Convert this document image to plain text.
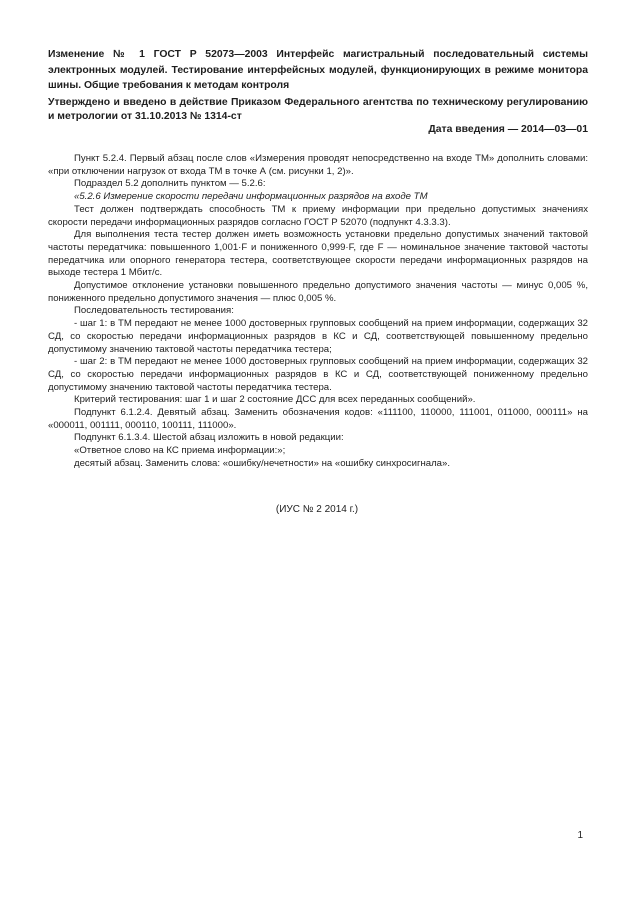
Изменение № 1 ГОСТ Р 52073—2003 Интерфейс магистральный последовательный системы электронных модулей. Тестирование интерфейсных модулей, функционирующих в режиме монитора шины. Общие требования к методам контроля
Утверждено и введено в действие Приказом Федерального агентства по техническому регулированию и метрологии от 31.10.2013 № 1314-ст
Дата введения — 2014—03—01

Пункт 5.2.4. Первый абзац после слов «Измерения проводят непосредственно на входе ТМ» дополнить словами: «при отключении нагрузок от входа ТМ в точке А (см. рисунки 1, 2)».

Подраздел 5.2 дополнить пунктом — 5.2.6:

«5.2.6 Измерение скорости передачи информационных разрядов на входе ТМ

Тест должен подтверждать способность ТМ к приему информации при предельно допустимых значениях скорости передачи информационных разрядов согласно ГОСТ Р 52070 (подпункт 4.3.3.3).

Для выполнения теста тестер должен иметь возможность установки предельно допустимых значений тактовой частоты передатчика: повышенного 1,001·F и пониженного 0,999·F, где F — номинальное значение тактовой частоты передатчика или опорного генератора тестера, соответствующее скорости передачи информационных разрядов на выходе тестера 1 Мбит/с.

Допустимое отклонение установки повышенного предельно допустимого значения частоты — минус 0,005 %, пониженного предельно допустимого значения — плюс 0,005 %.

Последовательность тестирования:

- шаг 1: в ТМ передают не менее 1000 достоверных групповых сообщений на прием информации, содержащих 32 СД, со скоростью передачи информационных разрядов в КС и СД, соответствующей повышенному предельно допустимому значению тактовой частоты передатчика тестера;

- шаг 2: в ТМ передают не менее 1000 достоверных групповых сообщений на прием информации, содержащих 32 СД, со скоростью передачи информационных разрядов в КС и СД, соответствующей пониженному предельно допустимому значению тактовой частоты передатчика тестера.

Критерий тестирования: шаг 1 и шаг 2 состояние ДСС для всех переданных сообщений».

Подпункт 6.1.2.4. Девятый абзац. Заменить обозначения кодов: «111100, 110000, 111001, 011000, 000111» на «000011, 001111, 000110, 100111, 111000».

Подпункт 6.1.3.4. Шестой абзац изложить в новой редакции:

«Ответное слово на КС приема информации:»;

десятый абзац. Заменить слова: «ошибку/нечетности» на «ошибку синхросигнала».

(ИУС № 2 2014 г.)
1
